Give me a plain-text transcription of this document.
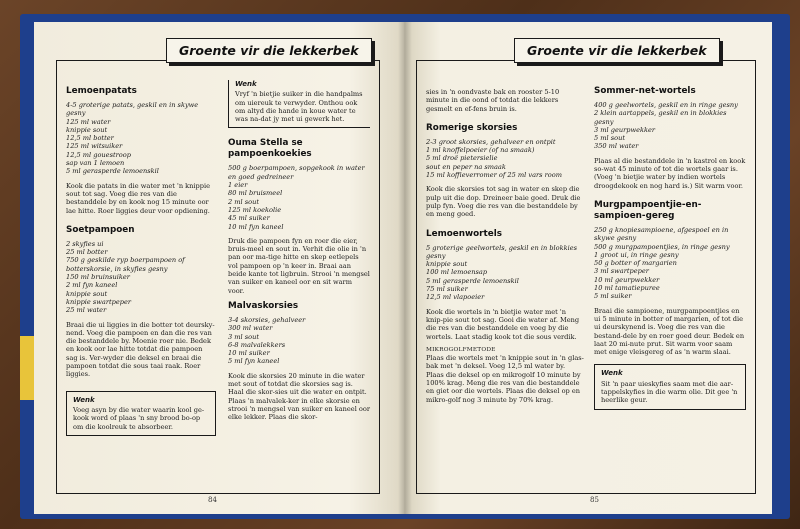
Groente vir die lekkerbek
Lemoenpatats
4-5 groterige patats, geskil en in skywe gesny
125 ml water
knippie sout
12,5 ml botter
125 ml witsuiker
12,5 ml gouestroop
sap van 1 lemoen
5 ml gerasperde lemoenskil

Kook die patats in die water met 'n knippie sout tot sag. Voeg die res van die bestanddele by en kook nog 15 minute oor lae hitte. Roer liggies deur voor opdiening.

Soetpampoen
2 skyfies ui
25 ml botter
750 g geskilde ryp boerpampoen of botterskorsie, in skyfies gesny
150 ml bruinsuiker
2 ml fyn kaneel
knippie sout
knippie swartpeper
25 ml water

Braai die ui liggies in die botter tot deursky-nend. Voeg die pampoen en dan die res van die bestanddele by. Moenie roer nie. Bedek en kook oor lae hitte totdat die pampoen sag is. Ver-wyder die deksel en braai die pampoen totdat die sous taai raak. Roer liggies.

Wenk
Voeg asyn by die water waarin kool ge-kook word of plaas 'n sny brood bo-op om die koolreuk te absorbeer.
Wenk
Vryf 'n bietjie suiker in die handpalms om uiereuk te verwyder. Onthou ook om altyd die hande in koue water te was na-dat jy met ui gewerk het.
Ouma Stella se pampoenkoekies
500 g boerpampoen, sopgekook in water en goed gedreineer
1 eier
80 ml bruismeel
2 ml sout
125 ml koekolie
45 ml suiker
10 ml fyn kaneel

Druk die pampoen fyn en roer die eier, bruis-meel en sout in. Verhit die olie in 'n pan oor ma-tige hitte en skep eetlepels vol pampoen op 'n keer in. Braai aan beide kante tot ligbruin. Strooi 'n mengsel van suiker en kaneel oor en sit warm voor.

Malvaskorsies
3-4 skorsies, gehalveer
300 ml water
3 ml sout
6-8 malvalekkers
10 ml suiker
5 ml fyn kaneel

Kook die skorsies 20 minute in die water met sout of totdat die skorsies sag is. Haal die skor-sies uit die water en ontpit. Plaas 'n malvalek-ker in elke skorsie en strooi 'n mengsel van suiker en kaneel oor elke lekker. Plaas die skor-

84
Groente vir die lekkerbek

sies in 'n oondvaste bak en rooster 5-10 minute in die oond of totdat die lekkers gesmelt en ef-fens bruin is.

Romerige skorsies
2-3 groot skorsies, gehalveer en ontpit
1 ml knoffelpoeier (of na smaak)
5 ml droë pietersielie
sout en peper na smaak
15 ml koffieverromer of 25 ml vars room

Kook die skorsies tot sag in water en skep die pulp uit die dop. Dreineer baie goed. Druk die pulp fyn. Voeg die res van die bestanddele by en meng goed.

Lemoenwortels
5 groterige geelwortels, geskil en in blokkies gesny
knippie sout
100 ml lemoensap
5 ml gerasperde lemoenskil
75 ml suiker
12,5 ml vlapoeier

Kook die wortels in 'n bietjie water met 'n knip-pie sout tot sag. Gooi die water af. Meng die res van die bestanddele en voeg by die wortels. Laat stadig kook tot die sous verdik.

MIKROGOLFMETODE

Plaas die wortels met 'n knippie sout in 'n glas-bak met 'n deksel. Voeg 12,5 ml water by. Plaas die deksel op en mikrogolf 10 minute by 100% krag. Meng die res van die bestanddele en giet oor die wortels. Plaas die deksel op en mikro-golf nog 3 minute by 70% krag.

Sommer-net-wortels
400 g geelwortels, geskil en in ringe gesny
2 klein aartappels, geskil en in blokkies gesny
3 ml geurpwekker
5 ml sout
350 ml water

Plaas al die bestanddele in 'n kastrol en kook so-wat 45 minute of tot die wortels gaar is. (Voeg 'n bietjie water by indien wortels droogdekook en nog hard is.) Sit warm voor.

Murgpampoentjie-en-sampioen-gereg
250 g knopiesampioene, afgespoel en in skywe gesny
500 g murgpampoentjies, in ringe gesny
1 groot ui, in ringe gesny
50 g botter of margarien
3 ml swartpeper
10 ml geurpwekker
10 ml tamatiepuree
5 ml suiker

Braai die sampioene, murgpampoentjies en ui 5 minute in botter of margarien, of tot die ui deurskynend is. Voeg die res van die bestand-dele by en roer goed deur. Bedek en laat 20 mi-nute prut. Sit warm voor saam met enige vleisgereg of as 'n warm slaai.

Wenk
Sit 'n paar uieskyfies saam met die aar-tappelskyfies in die warm olie. Dit gee 'n heerlike geur.
85
